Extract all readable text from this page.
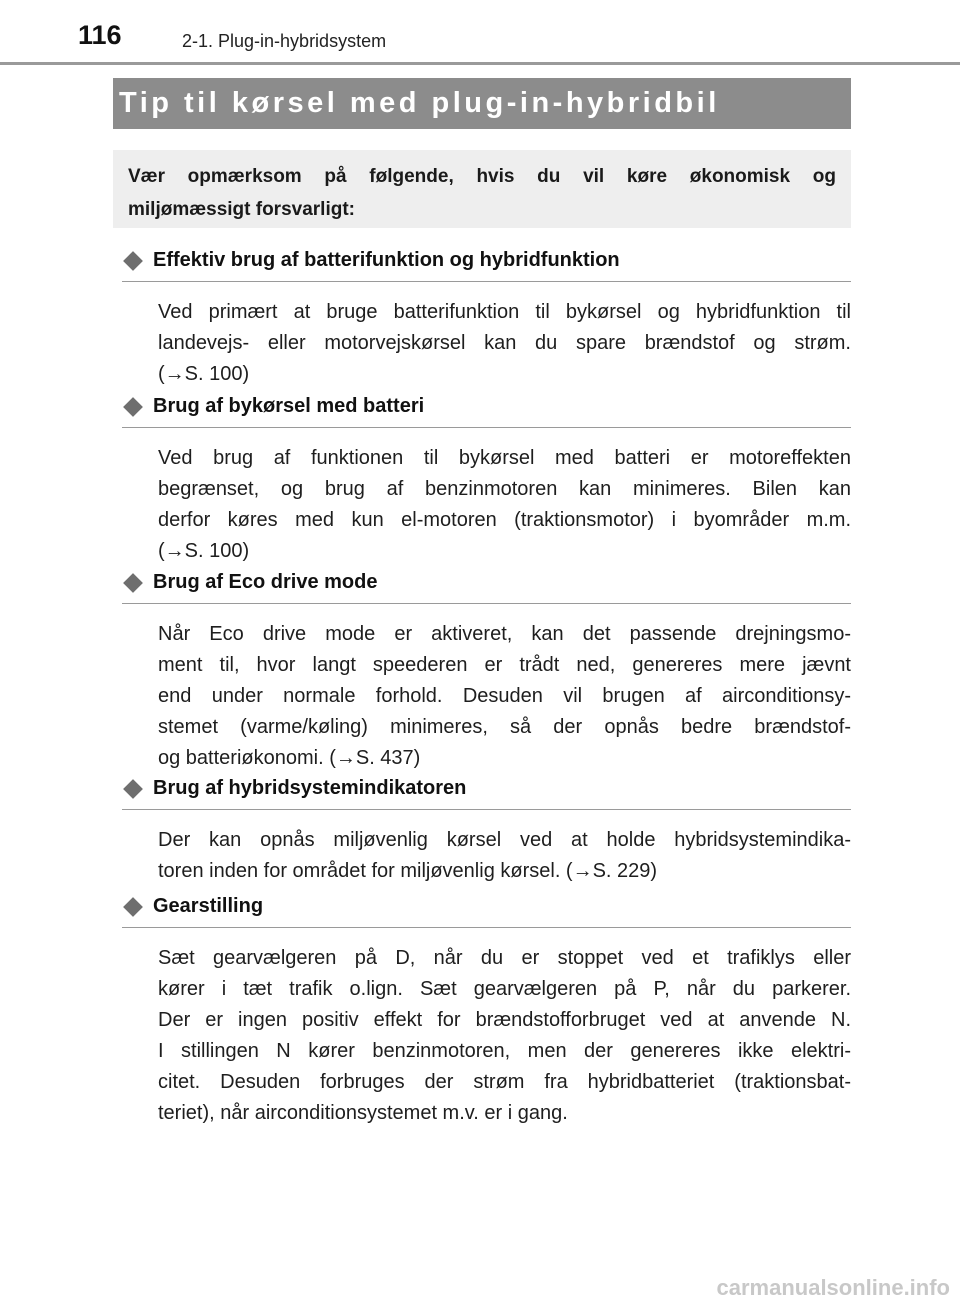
116	2-1. Plug-in-hybridsystem
Tip til kørsel med plug-in-hybridbil

Vær opmærksom på følgende, hvis du vil køre økonomisk og
miljømæssigt forsvarligt:

Effektiv brug af batterifunktion og hybridfunktion

Ved primært at bruge batterifunktion til bykørsel og hybridfunktion til
landevejs- eller motorvejskørsel kan du spare brændstof og strøm.
(→S. 100)

Brug af bykørsel med batteri

Ved brug af funktionen til bykørsel med batteri er motoreffekten
begrænset, og brug af benzinmotoren kan minimeres. Bilen kan
derfor køres med kun el-motoren (traktionsmotor) i byområder m.m.
(→S. 100)

Brug af Eco drive mode

Når Eco drive mode er aktiveret, kan det passende drejningsmo-
ment til, hvor langt speederen er trådt ned, genereres mere jævnt
end under normale forhold. Desuden vil brugen af airconditionsy-
stemet (varme/køling) minimeres, så der opnås bedre brændstof-
og batteriøkonomi. (→S. 437)

Brug af hybridsystemindikatoren

Der kan opnås miljøvenlig kørsel ved at holde hybridsystemindika-
toren inden for området for miljøvenlig kørsel. (→S. 229)

Gearstilling

Sæt gearvælgeren på D, når du er stoppet ved et trafiklys eller
kører i tæt trafik o.lign. Sæt gearvælgeren på P, når du parkerer.
Der er ingen positiv effekt for brændstofforbruget ved at anvende N.
I stillingen N kører benzinmotoren, men der genereres ikke elektri-
citet. Desuden forbruges der strøm fra hybridbatteriet (traktionsbat-
teriet), når airconditionsystemet m.v. er i gang.

carmanualsonline.info
